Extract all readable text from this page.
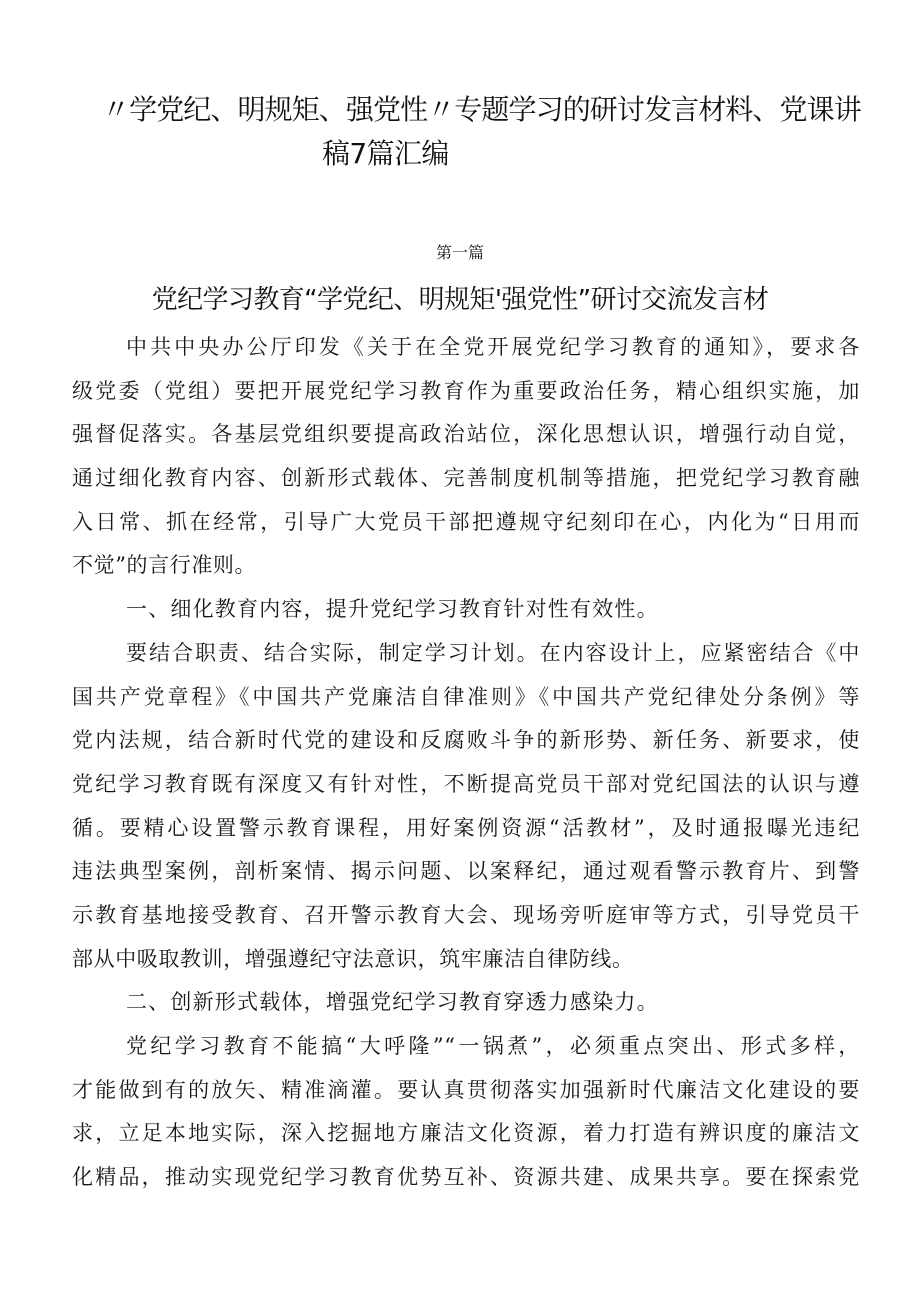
〃学党纪、明规矩、强党性〃专题学习的研讨发言材料、党课讲
稿7篇汇编
第一篇
党纪学习教育“学党纪、明规矩'强党性”研讨交流发言材
中共中央办公厅印发《关于在全党开展党纪学习教育的通知》，要求各
级党委（党组）要把开展党纪学习教育作为重要政治任务，精心组织实施，加
强督促落实。各基层党组织要提高政治站位，深化思想认识，增强行动自觉，
通过细化教育内容、创新形式载体、完善制度机制等措施，把党纪学习教育融
入日常、抓在经常，引导广大党员干部把遵规守纪刻印在心，内化为“日用而
不觉”的言行准则。
一、细化教育内容，提升党纪学习教育针对性有效性。
要结合职责、结合实际，制定学习计划。在内容设计上，应紧密结合《中
国共产党章程》《中国共产党廉洁自律准则》《中国共产党纪律处分条例》等
党内法规，结合新时代党的建设和反腐败斗争的新形势、新任务、新要求，使
党纪学习教育既有深度又有针对性，不断提高党员干部对党纪国法的认识与遵
循。要精心设置警示教育课程，用好案例资源“活教材”，及时通报曝光违纪
违法典型案例，剖析案情、揭示问题、以案释纪，通过观看警示教育片、到警
示教育基地接受教育、召开警示教育大会、现场旁听庭审等方式，引导党员干
部从中吸取教训，增强遵纪守法意识，筑牢廉洁自律防线。
二、创新形式载体，增强党纪学习教育穿透力感染力。
党纪学习教育不能搞“大呼隆”“一锅煮”，必须重点突出、形式多样，
才能做到有的放矢、精准滴灌。要认真贯彻落实加强新时代廉洁文化建设的要
求，立足本地实际，深入挖掘地方廉洁文化资源，着力打造有辨识度的廉洁文
化精品，推动实现党纪学习教育优势互补、资源共建、成果共享。要在探索党
